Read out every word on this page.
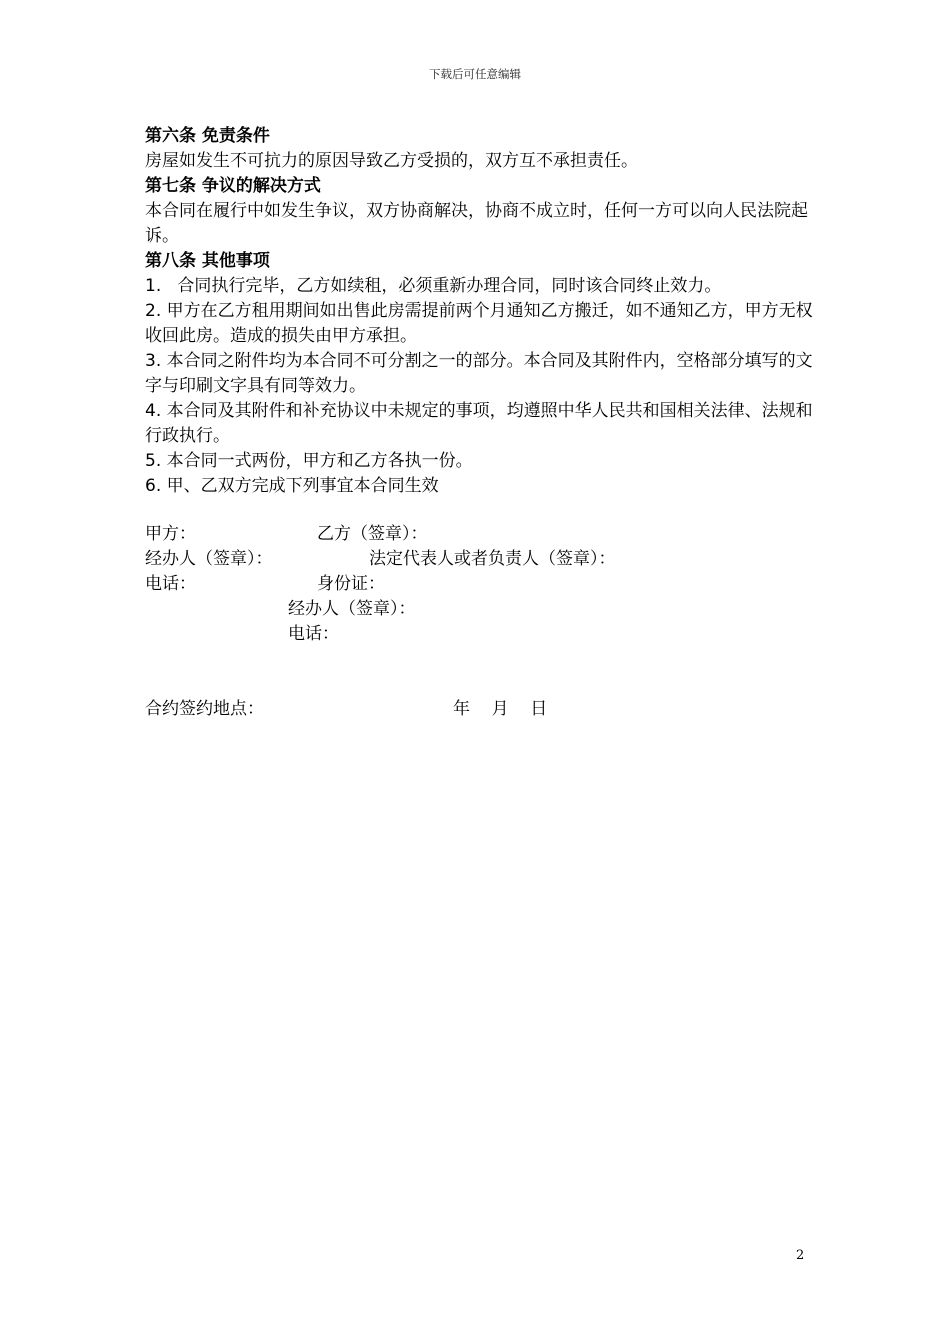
下载后可任意编辑

第六条 免责条件

房屋如发生不可抗力的原因导致乙方受损的，双方互不承担责任。

第七条 争议的解决方式

本合同在履行中如发生争议，双方协商解决，协商不成立时，任何一方可以向人民法院起诉。

第八条 其他事项

1.   合同执行完毕，乙方如续租，必须重新办理合同，同时该合同终止效力。

2. 甲方在乙方租用期间如出售此房需提前两个月通知乙方搬迁，如不通知乙方，甲方无权收回此房。造成的损失由甲方承担。

3. 本合同之附件均为本合同不可分割之一的部分。本合同及其附件内，空格部分填写的文字与印刷文字具有同等效力。

4. 本合同及其附件和补充协议中未规定的事项，均遵照中华人民共和国相关法律、法规和行政执行。

5. 本合同一式两份，甲方和乙方各执一份。

6. 甲、乙双方完成下列事宜本合同生效

甲方：	乙方（签章）：
经办人（签章）：	法定代表人或者负责人（签章）：
电话：	身份证：
经办人（签章）：
电话：
合约签约地点：	年    月    日
2
